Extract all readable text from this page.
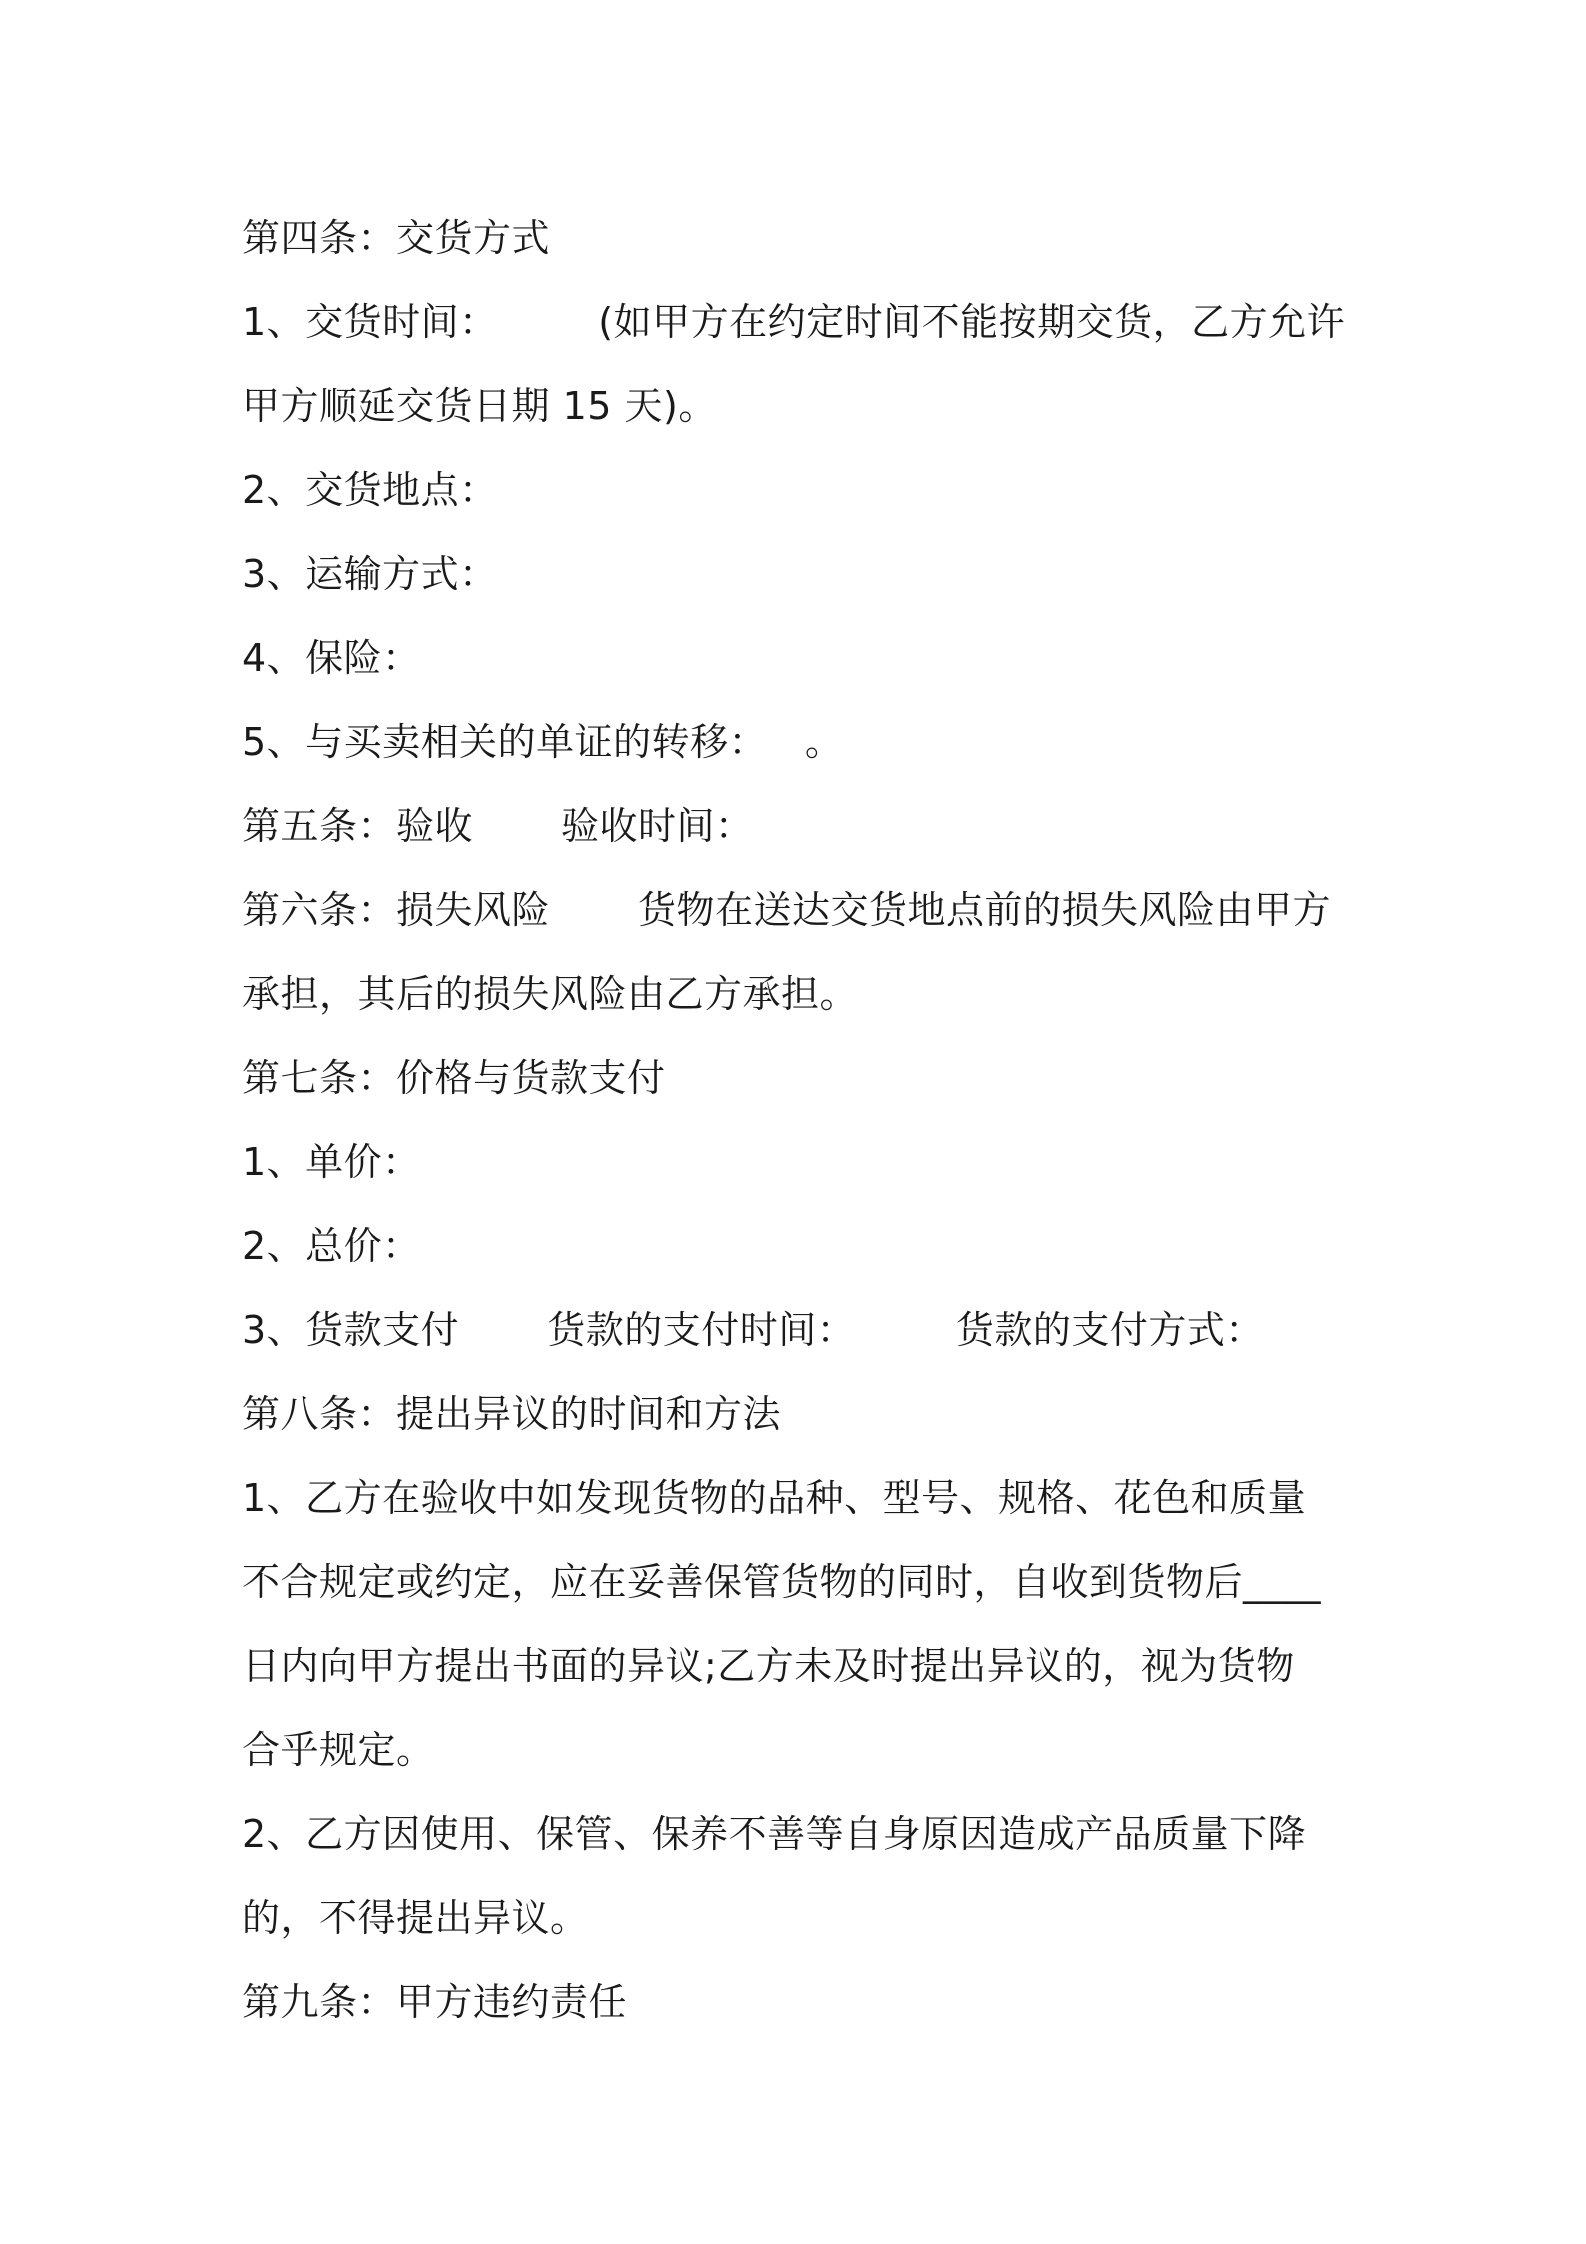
第四条：交货方式
1、交货时间：        (如甲方在约定时间不能按期交货，乙方允许
甲方顺延交货日期 15 天)。
2、交货地点：
3、运输方式：
4、保险：
5、与买卖相关的单证的转移：   。
第五条：验收       验收时间：
第六条：损失风险       货物在送达交货地点前的损失风险由甲方
承担，其后的损失风险由乙方承担。
第七条：价格与货款支付
1、单价：
2、总价：
3、货款支付       货款的支付时间：        货款的支付方式：
第八条：提出异议的时间和方法
1、乙方在验收中如发现货物的品种、型号、规格、花色和质量
不合规定或约定，应在妥善保管货物的同时，自收到货物后____
日内向甲方提出书面的异议;乙方未及时提出异议的，视为货物
合乎规定。
2、乙方因使用、保管、保养不善等自身原因造成产品质量下降
的，不得提出异议。
第九条：甲方违约责任
